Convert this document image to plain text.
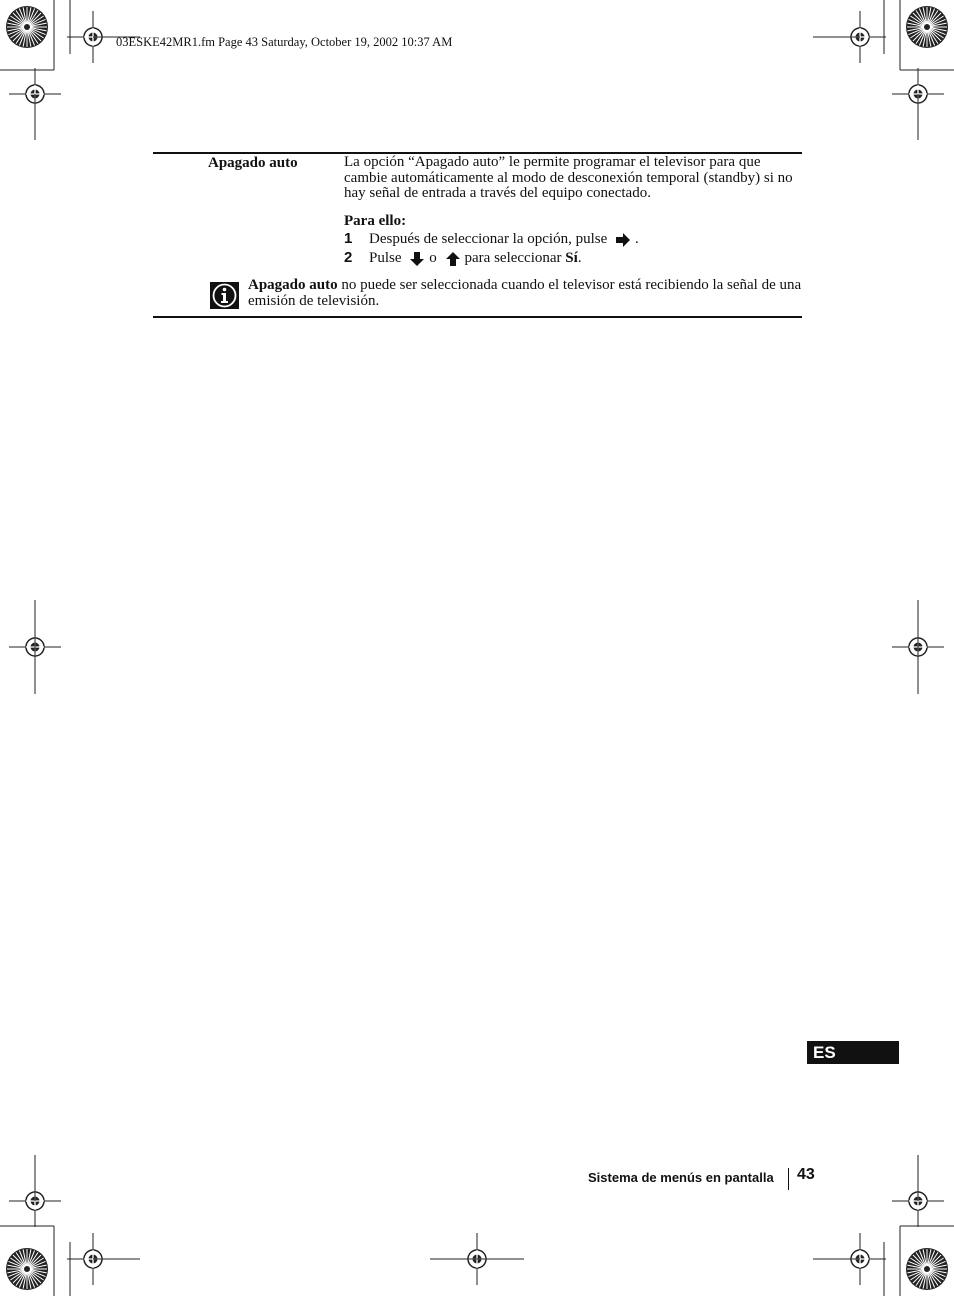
03ESKE42MR1.fm Page 43 Saturday, October 19, 2002 10:37 AM
Apagado auto	La opción “Apagado auto” le permite programar el televisor para que cambie automáticamente al modo de desconexión temporal (standby) si no hay señal de entrada a través del equipo conectado.
Para ello:
1 Después de seleccionar la opción, pulse .
2 Pulse o para seleccionar Sí.
Apagado auto no puede ser seleccionada cuando el televisor está recibiendo la señal de una emisión de televisión.
ES
Sistema de menús en pantalla 43
